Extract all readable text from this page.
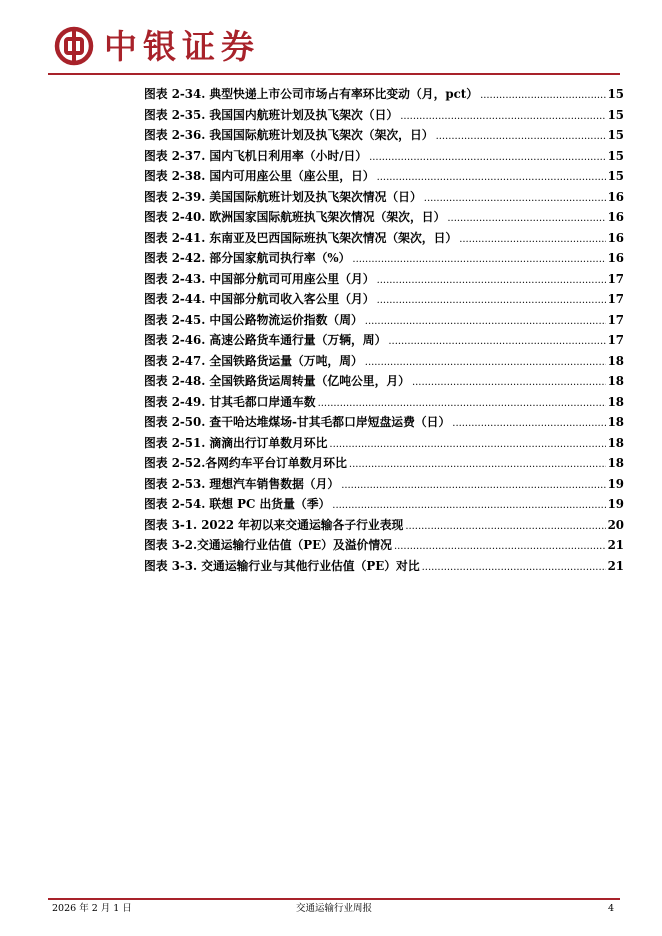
中银证券
图表 2-34. 典型快递上市公司市场占有率环比变动（月，pct） . . .	15
图表 2-35. 我国国内航班计划及执飞架次（日） . . .	15
图表 2-36. 我国国际航班计划及执飞架次（架次，日） . . .	15
图表 2-37. 国内飞机日利用率（小时/日） . . .	15
图表 2-38. 国内可用座公里（座公里，日） . . .	15
图表 2-39. 美国国际航班计划及执飞架次情况（日） . . .	16
图表 2-40. 欧洲国家国际航班执飞架次情况（架次，日） . . .	16
图表 2-41. 东南亚及巴西国际班执飞架次情况（架次，日） . . .	16
图表 2-42. 部分国家航司执行率（%） . . .	16
图表 2-43. 中国部分航司可用座公里（月） . . .	17
图表 2-44. 中国部分航司收入客公里（月） . . .	17
图表 2-45. 中国公路物流运价指数（周） . . .	17
图表 2-46. 高速公路货车通行量（万辆，周） . . .	17
图表 2-47. 全国铁路货运量（万吨，周） . . .	18
图表 2-48. 全国铁路货运周转量（亿吨公里，月） . . .	18
图表 2-49. 甘其毛都口岸通车数 . . .	18
图表 2-50. 查干哈达堆煤场-甘其毛都口岸短盘运费（日） . . .	18
图表 2-51. 滴滴出行订单数月环比 . . .	18
图表 2-52.各网约车平台订单数月环比 . . .	18
图表 2-53. 理想汽车销售数据（月） . . .	19
图表 2-54. 联想 PC 出货量（季） . . .	19
图表 3-1. 2022 年初以来交通运输各子行业表现 . . .	20
图表 3-2.交通运输行业估值（PE）及溢价情况 . . .	21
图表 3-3. 交通运输行业与其他行业估值（PE）对比 . . .	21
2026 年 2 月 1 日	交通运输行业周报	4
